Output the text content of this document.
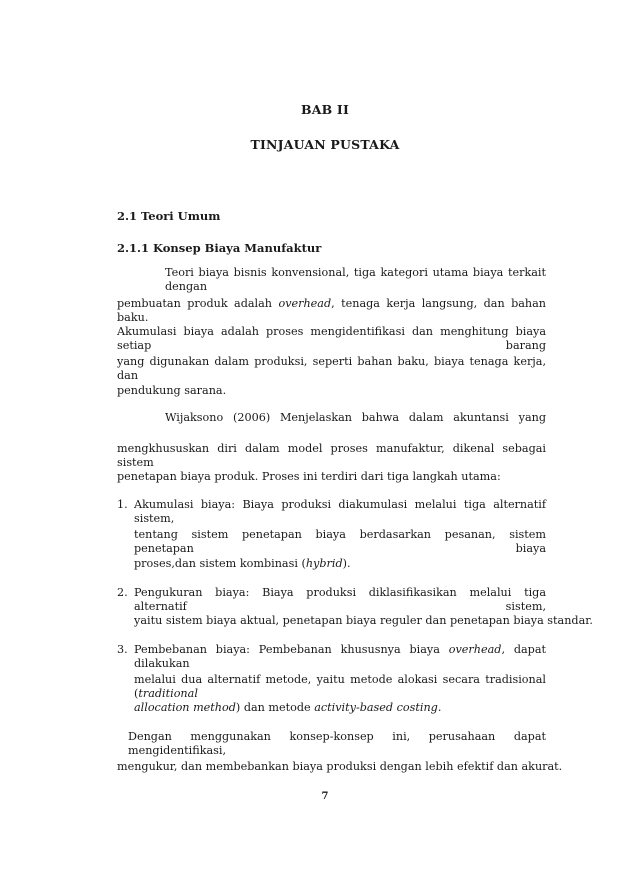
BAB II
TINJAUAN PUSTAKA
2.1 Teori Umum
2.1.1 Konsep Biaya Manufaktur
Teori biaya bisnis konvensional, tiga kategori utama biaya terkait dengan
pembuatan produk adalah overhead, tenaga kerja langsung, dan bahan baku.
Akumulasi biaya adalah proses mengidentifikasi dan menghitung biaya setiap barang
yang digunakan dalam produksi, seperti bahan baku, biaya tenaga kerja, dan
pendukung sarana.
Wijaksono (2006) Menjelaskan bahwa dalam akuntansi yang
mengkhususkan diri dalam model proses manufaktur, dikenal sebagai sistem
penetapan biaya produk. Proses ini terdiri dari tiga langkah utama:
1. Akumulasi biaya: Biaya produksi diakumulasi melalui tiga alternatif sistem,
tentang sistem penetapan biaya berdasarkan pesanan, sistem penetapan biaya
proses,dan sistem kombinasi (hybrid).
2. Pengukuran biaya: Biaya produksi diklasifikasikan melalui tiga alternatif sistem,
yaitu sistem biaya aktual, penetapan biaya reguler dan penetapan biaya standar.
3. Pembebanan biaya: Pembebanan khususnya biaya overhead, dapat dilakukan
melalui dua alternatif metode, yaitu metode alokasi secara tradisional (traditional
allocation method) dan metode activity-based costing.
Dengan menggunakan konsep-konsep ini, perusahaan dapat mengidentifikasi,
mengukur, dan membebankan biaya produksi dengan lebih efektif dan akurat.
7
